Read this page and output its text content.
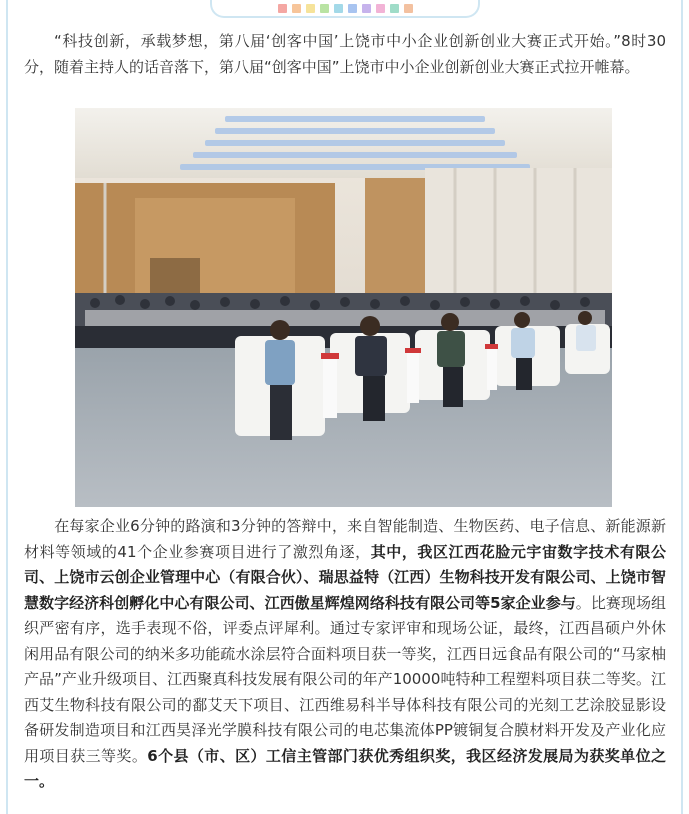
“科技创新，承载梦想，第八届‘创客中国’上饶市中小企业创新创业大赛正式开始。”8时30分，随着主持人的话音落下，第八届“创客中国”上饶市中小企业创新创业大赛正式拉开帷幕。

在每家企业6分钟的路演和3分钟的答辩中，来自智能制造、生物医药、电子信息、新能源新材料等领域的41个企业参赛项目进行了激烈角逐，其中，我区江西花脸元宇宙数字技术有限公司、上饶市云创企业管理中心（有限合伙）、瑞思益特（江西）生物科技开发有限公司、上饶市智慧数字经济科创孵化中心有限公司、江西傲星辉煌网络科技有限公司等5家企业参与。比赛现场组织严密有序，选手表现不俗，评委点评犀利。通过专家评审和现场公证，最终，江西昌硕户外休闲用品有限公司的纳米多功能疏水涂层符合面料项目获一等奖，江西日远食品有限公司的“马家柚产品”产业升级项目、江西聚真科技发展有限公司的年产10000吨特种工程塑料项目获二等奖。江西艾生物科技有限公司的鄱艾天下项目、江西维易科半导体科技有限公司的光刻工艺涂胶显影设备研发制造项目和江西昊泽光学膜科技有限公司的电芯集流体PP镀铜复合膜材料开发及产业化应用项目获三等奖。6个县（市、区）工信主管部门获优秀组织奖，我区经济发展局为获奖单位之一。
